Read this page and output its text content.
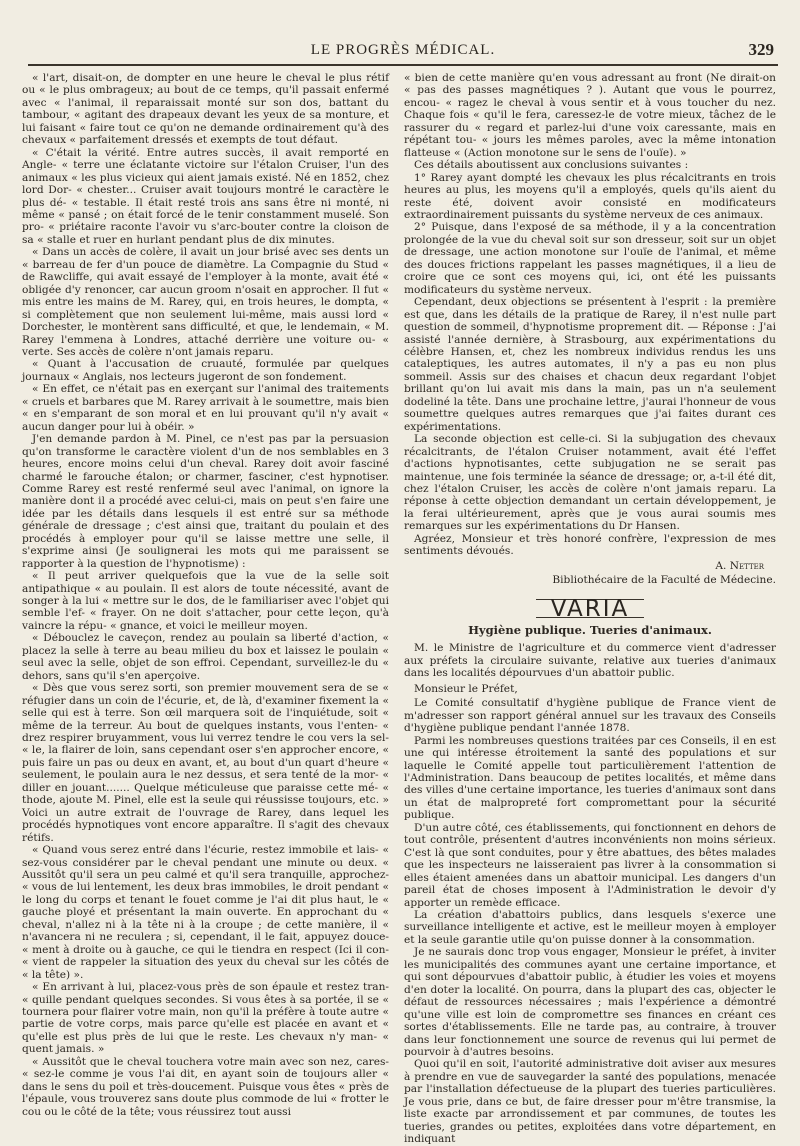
LE PROGRÈS MÉDICAL.	329

« l'art, disait-on, de dompter en une heure le cheval le plus rétif ou « le plus ombrageux; au bout de ce temps, qu'il passait enfermé avec « l'animal, il reparaissait monté sur son dos, battant du tambour, « agitant des drapeaux devant les yeux de sa monture, et lui faisant « faire tout ce qu'on ne demande ordinairement qu'à des chevaux « parfaitement dressés et exempts de tout défaut.

« C'était la vérité. Entre autres succès, il avait remporté en Angle- « terre une éclatante victoire sur l'étalon Cruiser, l'un des animaux « les plus vicieux qui aient jamais existé. Né en 1852, chez lord Dor- « chester... Cruiser avait toujours montré le caractère le plus dé- « testable. Il était resté trois ans sans être ni monté, ni même « pansé ; on était forcé de le tenir constamment muselé. Son pro- « priétaire raconte l'avoir vu s'arc-bouter contre la cloison de sa « stalle et ruer en hurlant pendant plus de dix minutes.

« Dans un accès de colère, il avait un jour brisé avec ses dents un « barreau de fer d'un pouce de diamètre. La Compagnie du Stud « de Rawcliffe, qui avait essayé de l'employer à la monte, avait été « obligée d'y renoncer, car aucun groom n'osait en approcher. Il fut « mis entre les mains de M. Rarey, qui, en trois heures, le dompta, « si complètement que non seulement lui-même, mais aussi lord « Dorchester, le montèrent sans difficulté, et que, le lendemain, « M. Rarey l'emmena à Londres, attaché derrière une voiture ou- « verte. Ses accès de colère n'ont jamais reparu.

« Quant à l'accusation de cruauté, formulée par quelques journaux « Anglais, nos lecteurs jugeront de son fondement.

« En effet, ce n'était pas en exerçant sur l'animal des traitements « cruels et barbares que M. Rarey arrivait à le soumettre, mais bien « en s'emparant de son moral et en lui prouvant qu'il n'y avait « aucun danger pour lui à obéir. »

J'en demande pardon à M. Pinel, ce n'est pas par la persuasion qu'on transforme le caractère violent d'un de nos semblables en 3 heures, encore moins celui d'un cheval. Rarey doit avoir fasciné charmé le farouche étalon; or charmer, fasciner, c'est hypnotiser. Comme Rarey est resté renfermé seul avec l'animal, on ignore la manière dont il a procédé avec celui-ci, mais on peut s'en faire une idée par les détails dans lesquels il est entré sur sa méthode générale de dressage ; c'est ainsi que, traitant du poulain et des procédés à employer pour qu'il se laisse mettre une selle, il s'exprime ainsi (Je soulignerai les mots qui me paraissent se rapporter à la question de l'hypnotisme) :

« Il peut arriver quelquefois que la vue de la selle soit antipathique « au poulain. Il est alors de toute nécessité, avant de songer à la lui « mettre sur le dos, de le familiariser avec l'objet qui semble l'ef- « frayer. On ne doit s'attacher, pour cette leçon, qu'à vaincre la répu- « gnance, et voici le meilleur moyen.

« Débouclez le caveçon, rendez au poulain sa liberté d'action, « placez la selle à terre au beau milieu du box et laissez le poulain « seul avec la selle, objet de son effroi. Cependant, surveillez-le du « dehors, sans qu'il s'en aperçoive.

« Dès que vous serez sorti, son premier mouvement sera de se « réfugier dans un coin de l'écurie, et, de là, d'examiner fixement la « selle qui est à terre. Son œil marquera soit de l'inquiétude, soit « même de la terreur. Au bout de quelques instants, vous l'enten- « drez respirer bruyamment, vous lui verrez tendre le cou vers la sel- « le, la flairer de loin, sans cependant oser s'en approcher encore, « puis faire un pas ou deux en avant, et, au bout d'un quart d'heure « seulement, le poulain aura le nez dessus, et sera tenté de la mor- « diller en jouant....... Quelque méticuleuse que paraisse cette mé- « thode, ajoute M. Pinel, elle est la seule qui réussisse toujours, etc. » Voici un autre extrait de l'ouvrage de Rarey, dans lequel les procédés hypnotiques vont encore apparaître. Il s'agit des chevaux rétifs.

« Quand vous serez entré dans l'écurie, restez immobile et lais- « sez-vous considérer par le cheval pendant une minute ou deux. « Aussitôt qu'il sera un peu calmé et qu'il sera tranquille, approchez- « vous de lui lentement, les deux bras immobiles, le droit pendant « le long du corps et tenant le fouet comme je l'ai dit plus haut, le « gauche ployé et présentant la main ouverte. En approchant du « cheval, n'allez ni à la tête ni à la croupe ; de cette manière, il « n'avancera ni ne reculera ; si, cependant, il le fait, appuyez douce- « ment à droite ou à gauche, ce qui le tiendra en respect (Ici il con- « vient de rappeler la situation des yeux du cheval sur les côtés de « la tête) ».

« En arrivant à lui, placez-vous près de son épaule et restez tran- « quille pendant quelques secondes. Si vous êtes à sa portée, il se « tournera pour flairer votre main, non qu'il la préfère à toute autre « partie de votre corps, mais parce qu'elle est placée en avant et « qu'elle est plus près de lui que le reste. Les chevaux n'y man- « quent jamais. »

« Aussitôt que le cheval touchera votre main avec son nez, cares- « sez-le comme je vous l'ai dit, en ayant soin de toujours aller « dans le sens du poil et très-doucement. Puisque vous êtes « près de l'épaule, vous trouverez sans doute plus commode de lui « frotter le cou ou le côté de la tête; vous réussirez tout aussi

« bien de cette manière qu'en vous adressant au front (Ne dirait-on « pas des passes magnétiques ? ). Autant que vous le pourrez, encou- « ragez le cheval à vous sentir et à vous toucher du nez. Chaque fois « qu'il le fera, caressez-le de votre mieux, tâchez de le rassurer du « regard et parlez-lui d'une voix caressante, mais en répétant tou- « jours les mêmes paroles, avec la même intonation flatteuse « (Action monotone sur le sens de l'ouïe). »

Ces détails aboutissent aux conclusions suivantes :

1° Rarey ayant dompté les chevaux les plus récalcitrants en trois heures au plus, les moyens qu'il a employés, quels qu'ils aient du reste été, doivent avoir consisté en modificateurs extraordinairement puissants du système nerveux de ces animaux.

2° Puisque, dans l'exposé de sa méthode, il y a la concentration prolongée de la vue du cheval soit sur son dresseur, soit sur un objet de dressage, une action monotone sur l'ouïe de l'animal, et même des douces frictions rappelant les passes magnétiques, il a lieu de croire que ce sont ces moyens qui, ici, ont été les puissants modificateurs du système nerveux.

Cependant, deux objections se présentent à l'esprit : la première est que, dans les détails de la pratique de Rarey, il n'est nulle part question de sommeil, d'hypnotisme proprement dit. — Réponse : J'ai assisté l'année dernière, à Strasbourg, aux expérimentations du célèbre Hansen, et, chez les nombreux individus rendus les uns cataleptiques, les autres automates, il n'y a pas eu non plus sommeil. Assis sur des chaises et chacun deux regardant l'objet brillant qu'on lui avait mis dans la main, pas un n'a seulement dodeliné la tête. Dans une prochaine lettre, j'aurai l'honneur de vous soumettre quelques autres remarques que j'ai faites durant ces expérimentations.

La seconde objection est celle-ci. Si la subjugation des chevaux récalcitrants, de l'étalon Cruiser notamment, avait été l'effet d'actions hypnotisantes, cette subjugation ne se serait pas maintenue, une fois terminée la séance de dressage; or, a-t-il été dit, chez l'étalon Cruiser, les accès de colère n'ont jamais reparu. La réponse à cette objection demandant un certain développement, je la ferai ultérieurement, après que je vous aurai soumis mes remarques sur les expérimentations du Dr Hansen.

Agréez, Monsieur et très honoré confrère, l'expression de mes sentiments dévoués.

A. Netter
Bibliothécaire de la Faculté de Médecine.
VARIA
Hygiène publique. Tueries d'animaux.

M. le Ministre de l'agriculture et du commerce vient d'adresser aux préfets la circulaire suivante, relative aux tueries d'animaux dans les localités dépourvues d'un abattoir public.

Monsieur le Préfet,

Le Comité consultatif d'hygiène publique de France vient de m'adresser son rapport général annuel sur les travaux des Conseils d'hygiène publique pendant l'année 1878.

Parmi les nombreuses questions traitées par ces Conseils, il en est une qui intéresse étroitement la santé des populations et sur laquelle le Comité appelle tout particulièrement l'attention de l'Administration. Dans beaucoup de petites localités, et même dans des villes d'une certaine importance, les tueries d'animaux sont dans un état de malpropreté fort compromettant pour la sécurité publique.

D'un autre côté, ces établissements, qui fonctionnent en dehors de tout contrôle, présentent d'autres inconvénients non moins sérieux. C'est là que sont conduites, pour y être abattues, des bêtes malades que les inspecteurs ne laisseraient pas livrer à la consommation si elles étaient amenées dans un abattoir municipal. Les dangers d'un pareil état de choses imposent à l'Administration le devoir d'y apporter un remède efficace.

La création d'abattoirs publics, dans lesquels s'exerce une surveillance intelligente et active, est le meilleur moyen à employer et la seule garantie utile qu'on puisse donner à la consommation.

Je ne saurais donc trop vous engager, Monsieur le préfet, à inviter les municipalités des communes ayant une certaine importance, et qui sont dépourvues d'abattoir public, à étudier les voies et moyens d'en doter la localité. On pourra, dans la plupart des cas, objecter le défaut de ressources nécessaires ; mais l'expérience a démontré qu'une ville est loin de compromettre ses finances en créant ces sortes d'établissements. Elle ne tarde pas, au contraire, à trouver dans leur fonctionnement une source de revenus qui lui permet de pourvoir à d'autres besoins.

Quoi qu'il en soit, l'autorité administrative doit aviser aux mesures à prendre en vue de sauvegarder la santé des populations, menacée par l'installation défectueuse de la plupart des tueries particulières. Je vous prie, dans ce but, de faire dresser pour m'être transmise, la liste exacte par arrondissement et par communes, de toutes les tueries, grandes ou petites, exploitées dans votre département, en indiquant
